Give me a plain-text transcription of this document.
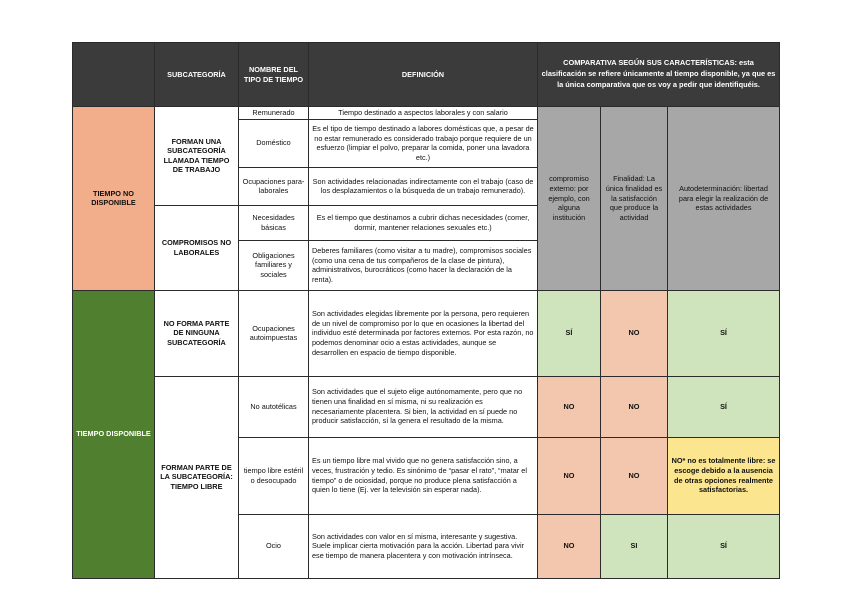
	SUBCATEGORÍA	NOMBRE DEL TIPO DE TIEMPO	DEFINICIÓN	COMPARATIVA SEGÚN SUS CARACTERÍSTICAS: esta clasificación se refiere únicamente al tiempo disponible, ya que es la única comparativa que os voy a pedir que identifiquéis.		
TIEMPO NO DISPONIBLE	FORMAN UNA SUBCATEGORÍA LLAMADA TIEMPO DE TRABAJO	Remunerado	Tiempo destinado a aspectos laborales y con salario	compromiso externo: por ejemplo, con alguna institución	Finalidad: La única finalidad es la satisfacción que produce la actividad	Autodeterminación: libertad para elegir la realización de estas actividades
		Doméstico	Es el tipo de tiempo destinado a labores domésticas que, a pesar de no estar remunerado es considerado trabajo porque requiere de un esfuerzo (limpiar el polvo, preparar la comida, poner una lavadora etc.)			
		Ocupaciones para-laborales	Son actividades relacionadas indirectamente con el trabajo (caso de los desplazamientos o la búsqueda de un trabajo remunerado).			
	COMPROMISOS NO LABORALES	Necesidades básicas	Es el tiempo que destinamos a cubrir dichas necesidades (comer, dormir, mantener relaciones sexuales etc.)			
		Obligaciones familiares y sociales	Deberes familiares (como visitar a tu madre), compromisos sociales (como una cena de tus compañeros de la clase de pintura), administrativos, burocráticos (como hacer la declaración de la renta).			
TIEMPO DISPONIBLE	NO FORMA PARTE DE NINGUNA SUBCATEGORÍA	Ocupaciones autoimpuestas	Son actividades elegidas libremente por la persona, pero requieren de un nivel de compromiso por lo que en ocasiones la libertad del individuo esté determinada por factores externos. Por esta razón, no podemos denominar ocio a estas actividades, aunque se desarrollen en espacio de tiempo disponible.	SÍ	NO	SÍ
	FORMAN PARTE DE LA SUBCATEGORÍA: TIEMPO LIBRE	No autotélicas	Son actividades que el sujeto elige autónomamente, pero que no tienen una finalidad en sí misma, ni su realización es necesariamente placentera. Si bien, la actividad en sí puede no producir satisfacción, sí la genera el resultado de la misma.	NO	NO	SÍ
		tiempo libre estéril o desocupado	Es un tiempo libre mal vivido que no genera satisfacción sino, a veces, frustración y tedio. Es sinónimo de “pasar el rato”, “matar el tiempo” o de ociosidad, porque no produce plena satisfacción a quien lo tiene (Ej. ver la televisión sin esperar nada).	NO	NO	NO* no es totalmente libre: se escoge debido a la ausencia de otras opciones realmente satisfactorias.
		Ocio	Son actividades con valor en sí misma, interesante y sugestiva. Suele implicar cierta motivación para la acción. Libertad para vivir ese tiempo de manera placentera y con motivación intrínseca.	NO	SI	SÍ
